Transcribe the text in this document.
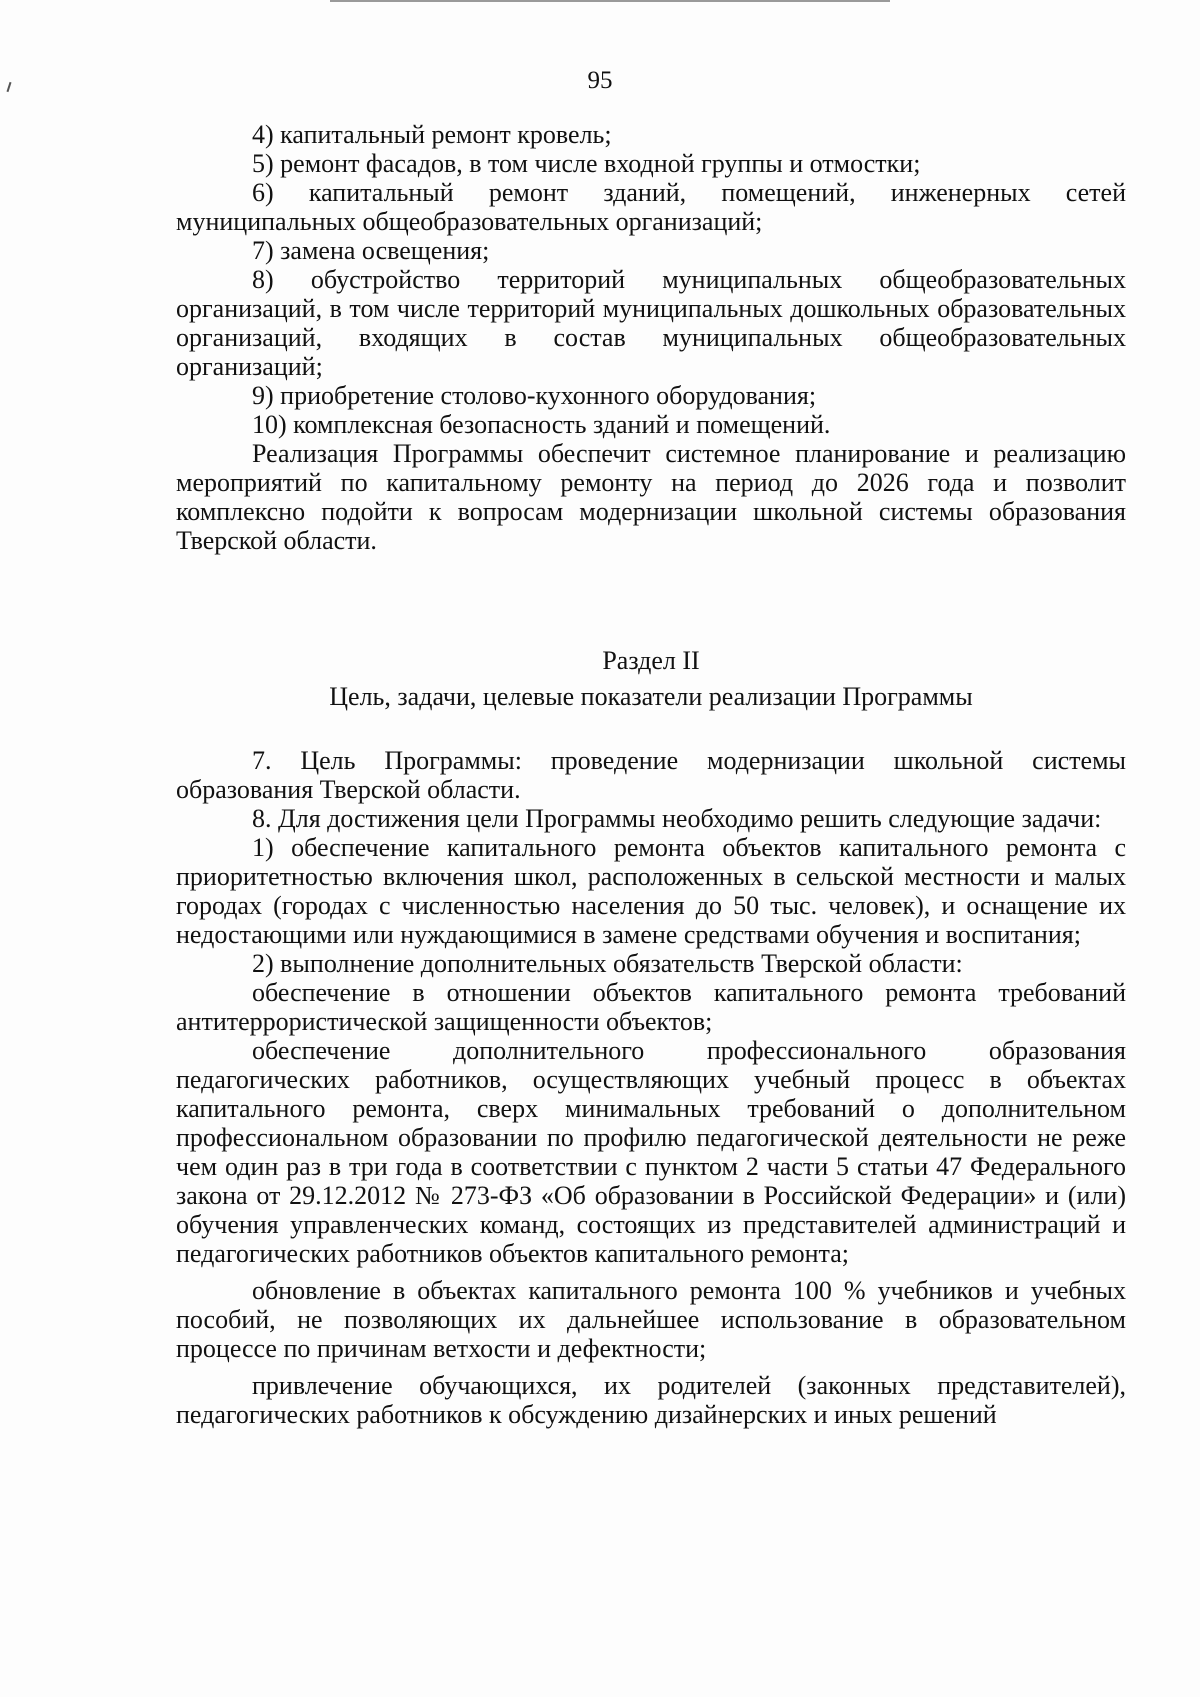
95

4) капитальный ремонт кровель;

5) ремонт фасадов, в том числе входной группы и отмостки;

6) капитальный ремонт зданий, помещений, инженерных сетей муниципальных общеобразовательных организаций;

7) замена освещения;

8) обустройство территорий муниципальных общеобразовательных организаций, в том числе территорий муниципальных дошкольных образовательных организаций, входящих в состав муниципальных общеобразовательных организаций;

9) приобретение столово-кухонного оборудования;

10) комплексная безопасность зданий и помещений.

Реализация Программы обеспечит системное планирование и реализацию мероприятий по капитальному ремонту на период до 2026 года и позволит комплексно подойти к вопросам модернизации школьной системы образования Тверской области.

Раздел II
Цель, задачи, целевые показатели реализации Программы

7. Цель Программы: проведение модернизации школьной системы образования Тверской области.

8. Для достижения цели Программы необходимо решить следующие задачи:

1) обеспечение капитального ремонта объектов капитального ремонта с приоритетностью включения школ, расположенных в сельской местности и малых городах (городах с численностью населения до 50 тыс. человек), и оснащение их недостающими или нуждающимися в замене средствами обучения и воспитания;

2) выполнение дополнительных обязательств Тверской области:

обеспечение в отношении объектов капитального ремонта требований антитеррористической защищенности объектов;

обеспечение дополнительного профессионального образования педагогических работников, осуществляющих учебный процесс в объектах капитального ремонта, сверх минимальных требований о дополнительном профессиональном образовании по профилю педагогической деятельности не реже чем один раз в три года в соответствии с пунктом 2 части 5 статьи 47 Федерального закона от 29.12.2012 № 273-ФЗ «Об образовании в Российской Федерации» и (или) обучения управленческих команд, состоящих из представителей администраций и педагогических работников объектов капитального ремонта;

обновление в объектах капитального ремонта 100 % учебников и учебных пособий, не позволяющих их дальнейшее использование в образовательном процессе по причинам ветхости и дефектности;

привлечение обучающихся, их родителей (законных представителей), педагогических работников к обсуждению дизайнерских и иных решений
